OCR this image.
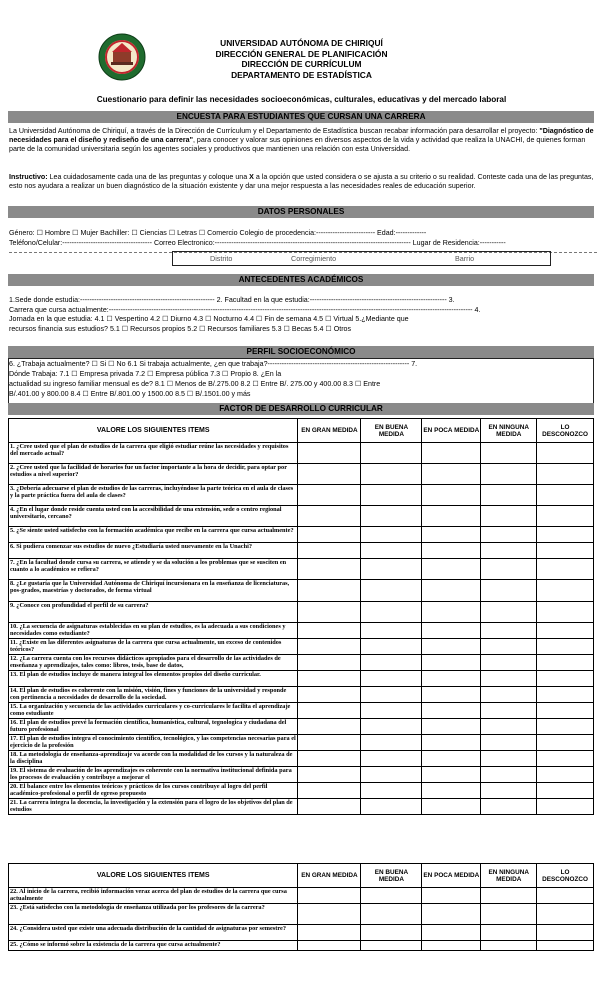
UNIVERSIDAD AUTÓNOMA DE CHIRIQUÍ
DIRECCIÓN GENERAL DE PLANIFICACIÓN
DIRECCIÓN DE CURRÍCULUM
DEPARTAMENTO DE ESTADÍSTICA
Cuestionario para definir las necesidades socioeconómicas, culturales, educativas y del mercado laboral
ENCUESTA PARA ESTUDIANTES QUE CURSAN UNA CARRERA
La Universidad Autónoma de Chiriquí, a través de la Dirección de Currículum y el Departamento de Estadística buscan recabar información para desarrollar el proyecto: "Diagnóstico de necesidades para el diseño y rediseño de una carrera", para conocer y valorar sus opiniones en diversos aspectos de la vida y actividad que realiza la UNACHI, de quienes forman parte de la comunidad universitaria según los agentes sociales y productivos que mantienen una relación con esta Universidad.
Instructivo: Lea cuidadosamente cada una de las preguntas y coloque una X a la opción que usted considera o se ajusta a su criterio o su realidad. Conteste cada una de las preguntas, esto nos ayudara a realizar un buen diagnóstico de la situación existente y dar una mejor respuesta a las necesidades reales de educación superior.
DATOS PERSONALES
Género: ☐ Hombre ☐ Mujer Bachiller: ☐ Ciencias ☐ Letras ☐ Comercio Colegio de procedencia:------------------------- Edad:-------------
Teléfono/Celular:-------------------------------------- Correo Electronico:----------------------------------------------------------------------------------- Lugar de Residencia:-----------
Distrito	Corregimiento	Barrio
ANTECEDENTES ACADÉMICOS
1.Sede donde estudia:--------------------------------------------------------- 2. Facultad en la que estudia:---------------------------------------------------------- 3.
Carrera que cursa actualmente:---------------------------------------------------------------------------------------------------------------------------------------------------------- 4.
Jornada en la que estudia: 4.1 ☐ Vespertino 4.2 ☐ Diurno 4.3 ☐ Nocturno 4.4 ☐ Fin de semana 4.5 ☐ Virtual 5.¿Mediante que
recursos financia sus estudios? 5.1 ☐ Recursos propios 5.2 ☐ Recursos familiares 5.3 ☐ Becas 5.4 ☐ Otros
PERFIL SOCIOECONÓMICO
6. ¿Trabaja actualmente? ☐ Si ☐ No 6.1 Si trabaja actualmente, ¿en que trabaja?------------------------------------------------------------ 7.
Dónde Trabaja: 7.1 ☐ Empresa privada 7.2 ☐ Empresa pública 7.3 ☐ Propio 8. ¿En la
actualidad su ingreso familiar mensual es de? 8.1 ☐ Menos de B/.275.00 8.2 ☐ Entre B/. 275.00 y 400.00 8.3 ☐ Entre
B/.401.00 y 800.00 8.4 ☐ Entre B/.801.00 y 1500.00 8.5 ☐ B/.1501.00 y más
FACTOR DE DESARROLLO CURRICULAR
VALORE LOS SIGUIENTES ITEMS	EN GRAN MEDIDA	EN BUENA MEDIDA	EN POCA MEDIDA	EN NINGUNA MEDIDA	LO DESCONOZCO

1. ¿Cree usted que el plan de estudios de la carrera que eligió estudiar reúne las necesidades y requisitos del mercado actual?					

2. ¿Cree usted que la facilidad de horarios fue un factor importante a la hora de decidir, para optar por estudios a nivel superior?					

3. ¿Debería adecuarse el plan de estudios de las carreras, incluyéndose la parte teórica en el aula de clases y la parte práctica fuera del aula de clases?					

4. ¿En el lugar donde reside cuenta usted con la accesibilidad de una extensión, sede o centro regional universitario, cercano?					

5. ¿Se siente usted satisfecho con la formación académica que recibe en la carrera que cursa actualmente?					

6. Si pudiera comenzar sus estudios de nuevo ¿Estudiaría usted nuevamente en la Unachi?					

7. ¿En la facultad donde cursa su carrera, se atiende y se da solución a los problemas que se susciten en cuanto a lo académico se refiera?					

8. ¿Le gustaría que la Universidad Autónoma de Chiriquí incursionara en la enseñanza de licenciaturas, pos-grados, maestrías y doctorados, de forma virtual					

9. ¿Conoce con profundidad el perfil de su carrera?					

10. ¿La secuencia de asignaturas establecidas en su plan de estudios, es la adecuada a sus condiciones y necesidades como estudiante?					

11. ¿Existe en las diferentes asignaturas de la carrera que cursa actualmente, un exceso de contenidos teóricos?					

12. ¿La carrera cuenta con los recursos didácticos apropiados para el desarrollo de las actividades de enseñanza y aprendizajes, tales como: libros, tesis, base de datos,					

13. El plan de estudios incluye de manera integral los elementos propios del diseño curricular.					

14. El plan de estudios es coherente con la misión, visión, fines y funciones de la universidad y responde con pertinencia a necesidades de desarrollo de la sociedad.					

15. La organización y secuencia de las actividades curriculares y co-curriculares le facilita el aprendizaje como estudiante					

16. El plan de estudios prevé la formación científica, humanística, cultural, tegnologica y ciudadana del futuro profesional					

17. El plan de estudios integra el conocimiento científico, tecnológico, y las competencias necesarias para el ejercicio de la profesión					

18. La metodología de enseñanza-aprendizaje va acorde con la modalidad de los cursos y la naturaleza de la disciplina					

19. El sistema de evaluación de los aprendizajes es coherente con la normativa institucional definida para los procesos de evaluación y contribuye a mejorar el					

20. El balance entre los elementos teóricos y prácticos de los cursos contribuye al logro del perfil académico-profesional o perfil de egreso propuesto					

21. La carrera integra la docencia, la investigación y la extensión para el logro de los objetivos del plan de estudios					

VALORE LOS SIGUIENTES ITEMS	EN GRAN MEDIDA	EN BUENA MEDIDA	EN POCA MEDIDA	EN NINGUNA MEDIDA	LO DESCONOZCO

22. Al inicio de la carrera, recibió información veraz acerca del plan de estudios de la carrera que cursa actualmente					

23. ¿Está satisfecho con la metodología de enseñanza utilizada por los profesores de la carrera?					

24. ¿Considera usted que existe una adecuada distribución de la cantidad de asignaturas por semestre?					

25. ¿Cómo se informó sobre la existencia de la carrera que cursa actualmente?					
